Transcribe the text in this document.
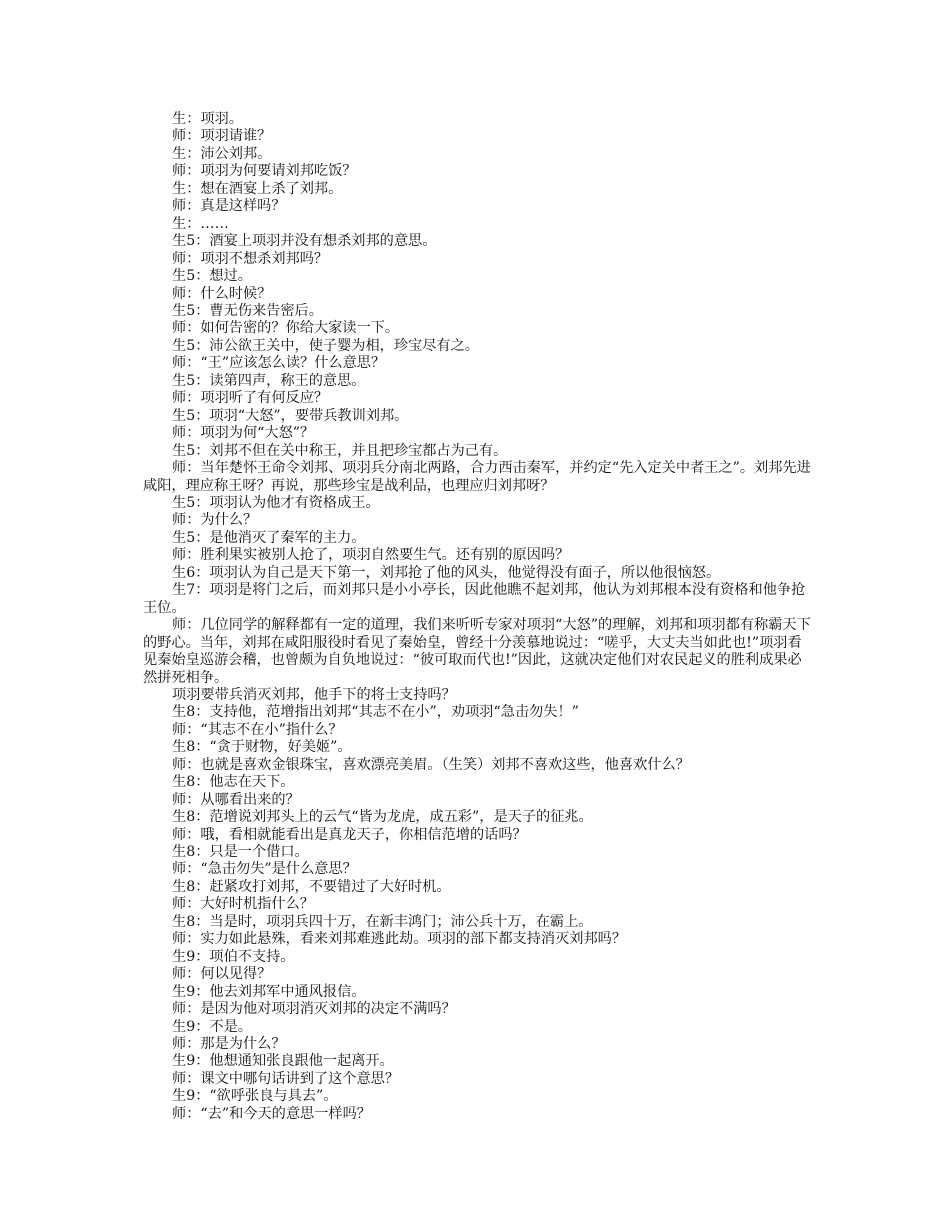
生：项羽。

师：项羽请谁？

生：沛公刘邦。

师：项羽为何要请刘邦吃饭？

生：想在酒宴上杀了刘邦。

师：真是这样吗？

生：……

生5：酒宴上项羽并没有想杀刘邦的意思。

师：项羽不想杀刘邦吗？

生5：想过。

师：什么时候？

生5：曹无伤来告密后。

师：如何告密的？你给大家读一下。

生5：沛公欲王关中，使子婴为相，珍宝尽有之。

师：“王”应该怎么读？什么意思？

生5：读第四声，称王的意思。

师：项羽听了有何反应？

生5：项羽“大怒”，要带兵教训刘邦。

师：项羽为何“大怒”？

生5：刘邦不但在关中称王，并且把珍宝都占为己有。

师：当年楚怀王命令刘邦、项羽兵分南北两路，合力西击秦军，并约定“先入定关中者王之”。刘邦先进咸阳，理应称王呀？再说，那些珍宝是战利品，也理应归刘邦呀？

生5：项羽认为他才有资格成王。

师：为什么？

生5：是他消灭了秦军的主力。

师：胜利果实被别人抢了，项羽自然要生气。还有别的原因吗？

生6：项羽认为自己是天下第一，刘邦抢了他的风头，他觉得没有面子，所以他很恼怒。

生7：项羽是将门之后，而刘邦只是小小亭长，因此他瞧不起刘邦，他认为刘邦根本没有资格和他争抢王位。

师：几位同学的解释都有一定的道理，我们来听听专家对项羽“大怒”的理解，刘邦和项羽都有称霸天下的野心。当年，刘邦在咸阳服役时看见了秦始皇，曾经十分羡慕地说过：“嗟乎，大丈夫当如此也!”项羽看见秦始皇巡游会稽，也曾颇为自负地说过：“彼可取而代也!”因此，这就决定他们对农民起义的胜利成果必然拼死相争。

项羽要带兵消灭刘邦，他手下的将士支持吗？

生8：支持他，范增指出刘邦“其志不在小”，劝项羽“急击勿失！”

师：“其志不在小”指什么？

生8：“贪于财物，好美姬”。

师：也就是喜欢金银珠宝，喜欢漂亮美眉。（生笑）刘邦不喜欢这些，他喜欢什么？

生8：他志在天下。

师：从哪看出来的？

生8：范增说刘邦头上的云气“皆为龙虎，成五彩”，是天子的征兆。

师：哦，看相就能看出是真龙天子，你相信范增的话吗？

生8：只是一个借口。

师：“急击勿失”是什么意思？

生8：赶紧攻打刘邦，不要错过了大好时机。

师：大好时机指什么？

生8：当是时，项羽兵四十万，在新丰鸿门；沛公兵十万，在霸上。

师：实力如此悬殊，看来刘邦难逃此劫。项羽的部下都支持消灭刘邦吗？

生9：项伯不支持。

师：何以见得？

生9：他去刘邦军中通风报信。

师：是因为他对项羽消灭刘邦的决定不满吗？

生9：不是。

师：那是为什么？

生9：他想通知张良跟他一起离开。

师：课文中哪句话讲到了这个意思？

生9：“欲呼张良与具去”。

师：“去”和今天的意思一样吗？
